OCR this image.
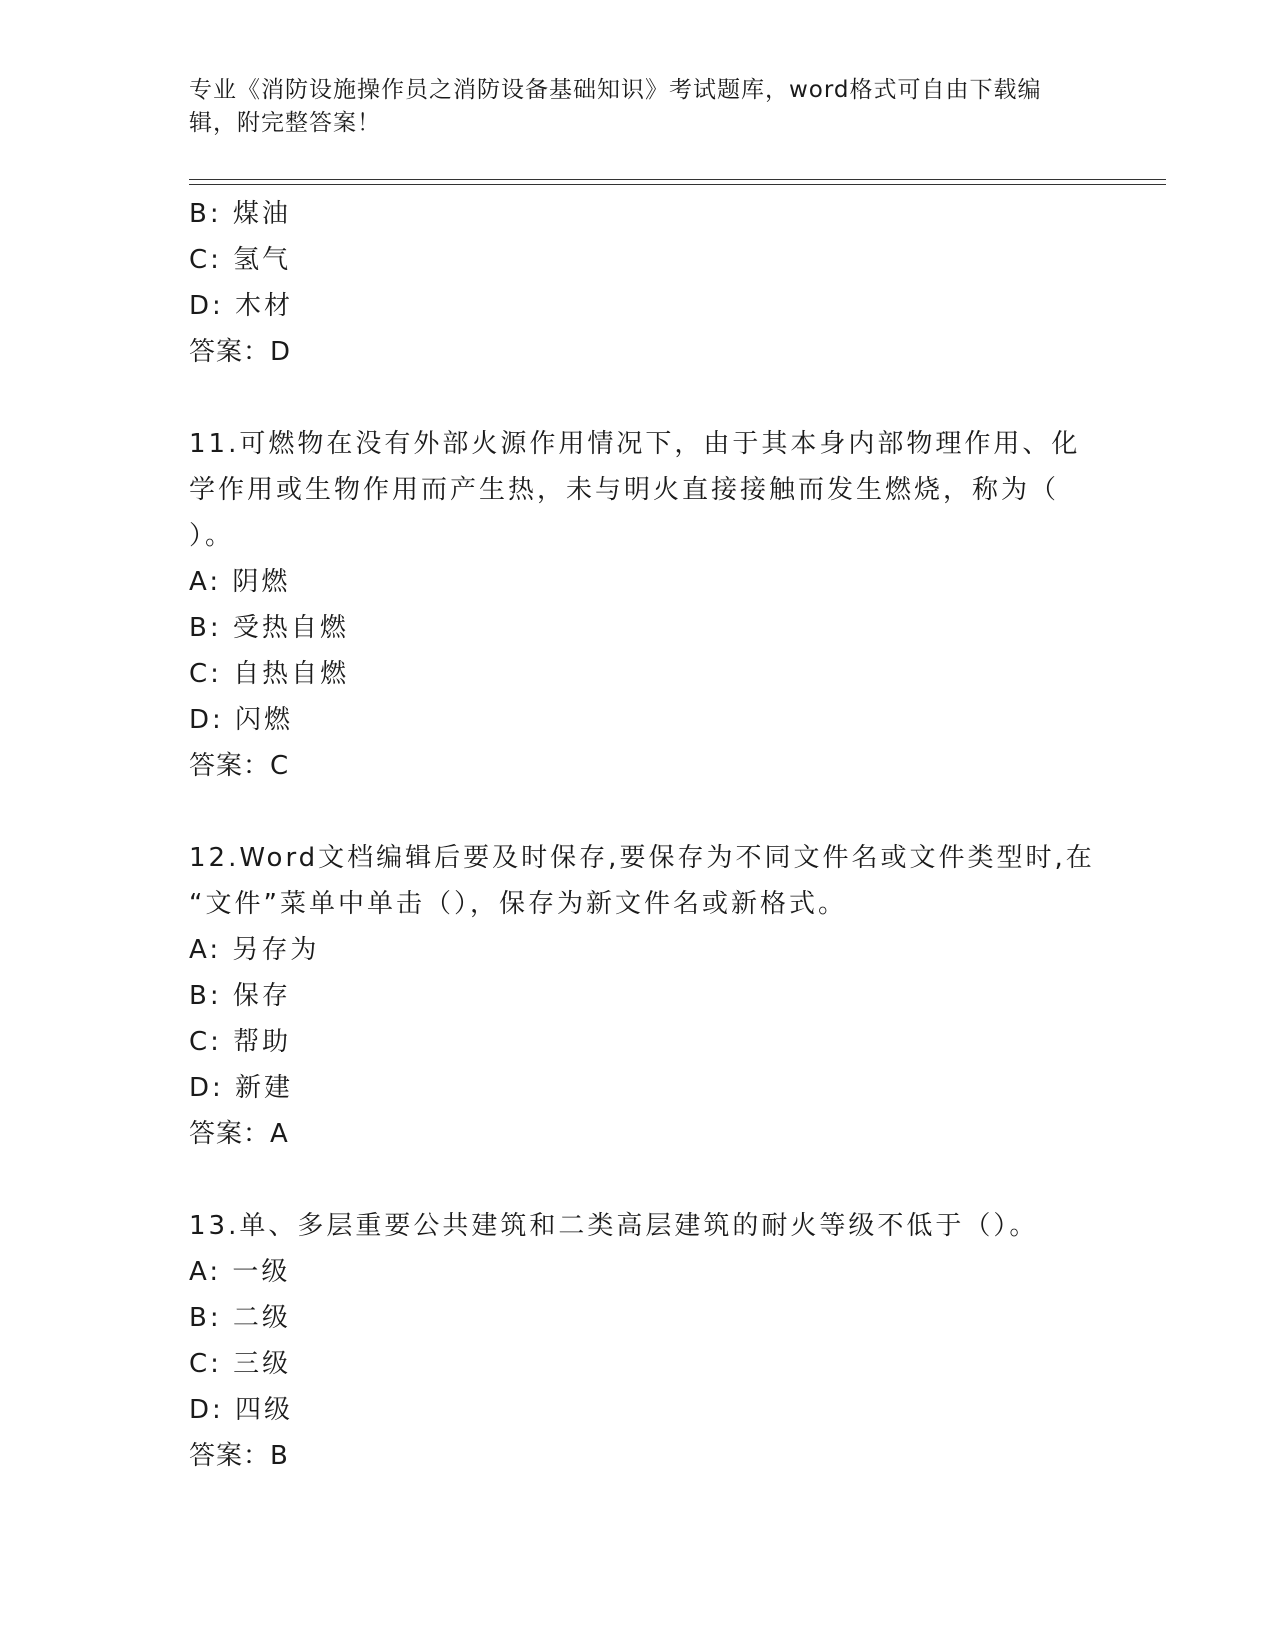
专业《消防设施操作员之消防设备基础知识》考试题库，word格式可自由下载编
辑，附完整答案！
B: 煤油
C: 氢气
D: 木材
答案：D
11.可燃物在没有外部火源作用情况下，由于其本身内部物理作用、化
学作用或生物作用而产生热，未与明火直接接触而发生燃烧，称为（
）。
A: 阴燃
B: 受热自燃
C: 自热自燃
D: 闪燃
答案：C
12.Word文档编辑后要及时保存,要保存为不同文件名或文件类型时,在
“文件”菜单中单击（），保存为新文件名或新格式。
A: 另存为
B: 保存
C: 帮助
D: 新建
答案：A
13.单、多层重要公共建筑和二类高层建筑的耐火等级不低于（）。
A: 一级
B: 二级
C: 三级
D: 四级
答案：B
